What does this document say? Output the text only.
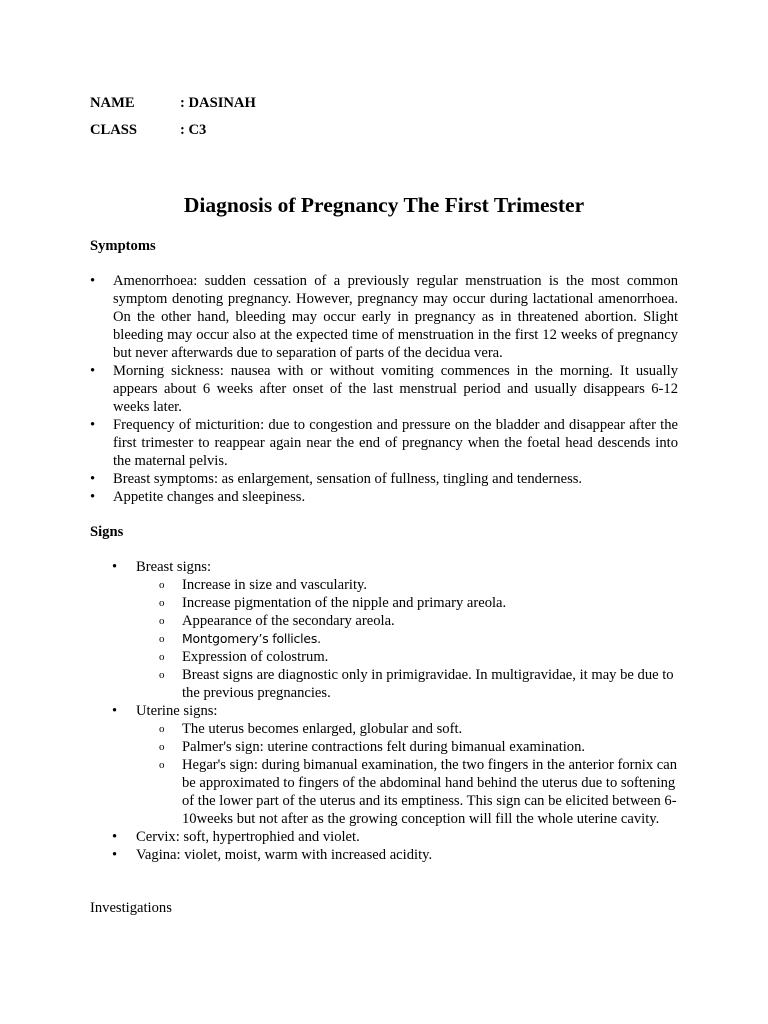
NAME	: DASINAH
CLASS	: C3
Diagnosis of Pregnancy The First Trimester
Symptoms
• Amenorrhoea: sudden cessation of a previously regular menstruation is the most common symptom denoting pregnancy. However, pregnancy may occur during lactational amenorrhoea. On the other hand, bleeding may occur early in pregnancy as in threatened abortion. Slight bleeding may occur also at the expected time of menstruation in the first 12 weeks of pregnancy but never afterwards due to separation of parts of the decidua vera.
• Morning sickness: nausea with or without vomiting commences in the morning. It usually appears about 6 weeks after onset of the last menstrual period and usually disappears 6-12 weeks later.
• Frequency of micturition: due to congestion and pressure on the bladder and disappear after the first trimester to reappear again near the end of pregnancy when the foetal head descends into the maternal pelvis.
• Breast symptoms: as enlargement, sensation of fullness, tingling and tenderness.
• Appetite changes and sleepiness.
Signs
• Breast signs:
o Increase in size and vascularity.
o Increase pigmentation of the nipple and primary areola.
o Appearance of the secondary areola.
o Montgomery’s follicles.
o Expression of colostrum.
o Breast signs are diagnostic only in primigravidae. In multigravidae, it may be due to the previous pregnancies.
• Uterine signs:
o The uterus becomes enlarged, globular and soft.
o Palmer's sign: uterine contractions felt during bimanual examination.
o Hegar's sign: during bimanual examination, the two fingers in the anterior fornix can be approximated to fingers of the abdominal hand behind the uterus due to softening of the lower part of the uterus and its emptiness. This sign can be elicited between 6-10weeks but not after as the growing conception will fill the whole uterine cavity.
• Cervix: soft, hypertrophied and violet.
• Vagina: violet, moist, warm with increased acidity.
Investigations
